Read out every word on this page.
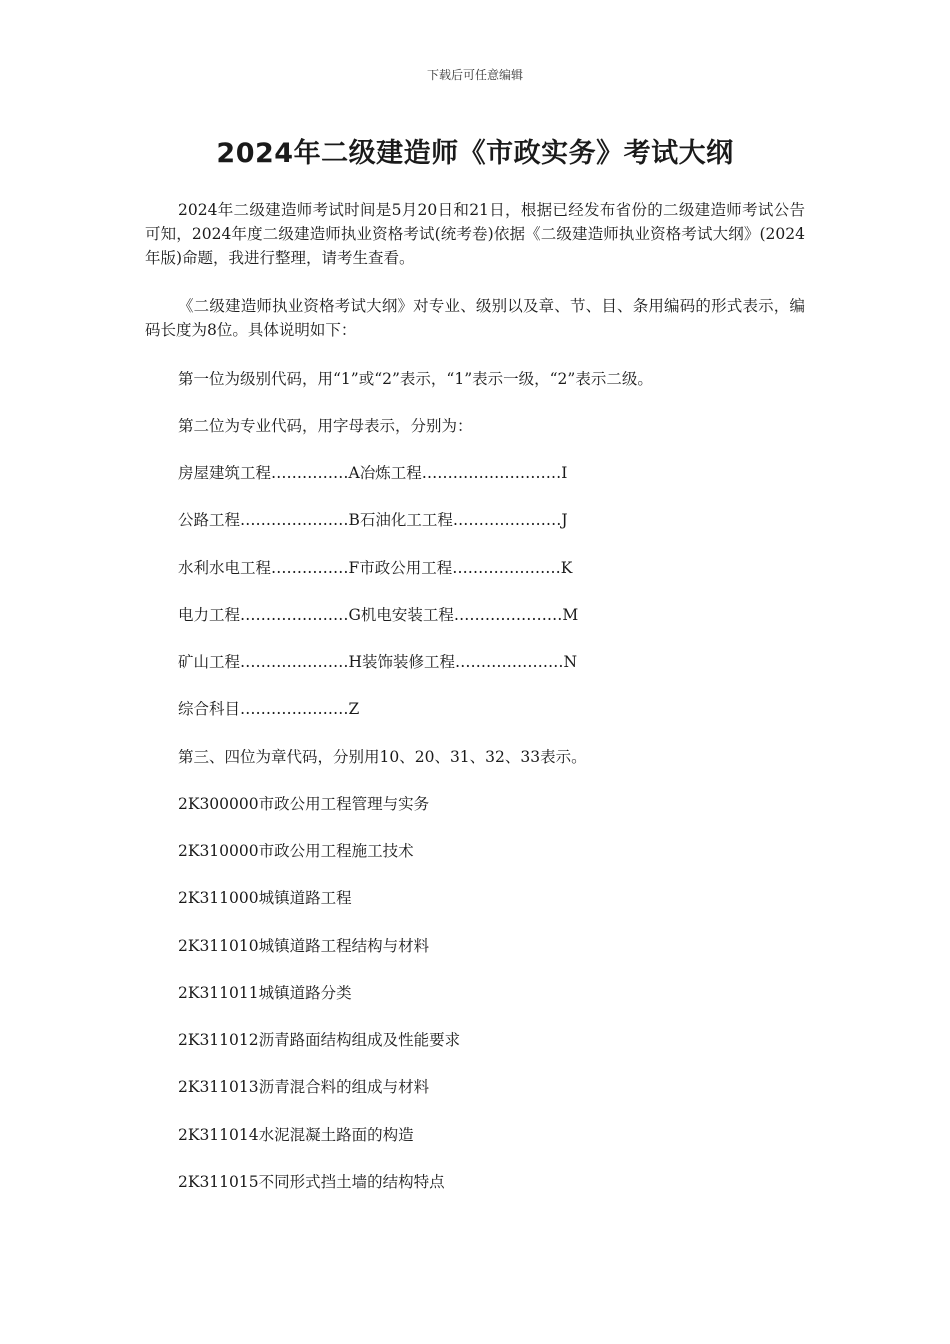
下载后可任意编辑
2024年二级建造师《市政实务》考试大纲

2024年二级建造师考试时间是5月20日和21日，根据已经发布省份的二级建造师考试公告可知，2024年度二级建造师执业资格考试(统考卷)依据《二级建造师执业资格考试大纲》(2024年版)命题，我进行整理，请考生查看。

《二级建造师执业资格考试大纲》对专业、级别以及章、节、目、条用编码的形式表示，编码长度为8位。具体说明如下：

第一位为级别代码，用“1”或“2”表示，“1”表示一级，“2”表示二级。

第二位为专业代码，用字母表示，分别为：

房屋建筑工程……………A冶炼工程………………………I

公路工程…………………B石油化工工程…………………J

水利水电工程……………F市政公用工程…………………K

电力工程…………………G机电安装工程…………………M

矿山工程…………………H装饰装修工程…………………N

综合科目…………………Z

第三、四位为章代码，分别用10、20、31、32、33表示。

2K300000市政公用工程管理与实务

2K310000市政公用工程施工技术

2K311000城镇道路工程

2K311010城镇道路工程结构与材料

2K311011城镇道路分类

2K311012沥青路面结构组成及性能要求

2K311013沥青混合料的组成与材料

2K311014水泥混凝土路面的构造

2K311015不同形式挡土墙的结构特点
